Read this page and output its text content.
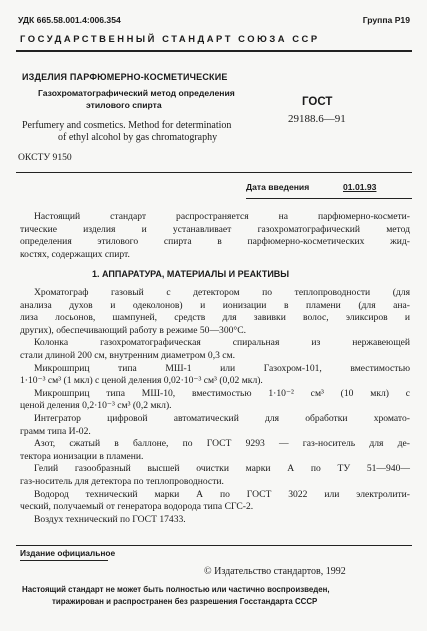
УДК 665.58.001.4:006.354	Группа Р19
ГОСУДАРСТВЕННЫЙ СТАНДАРТ СОЮЗА ССР
ИЗДЕЛИЯ ПАРФЮМЕРНО-КОСМЕТИЧЕСКИЕ
Газохроматографический метод определения
этилового спирта
Perfumery and cosmetics. Method for determination
of ethyl alcohol by gas chromatography
ГОСТ
29188.6—91
ОКСТУ 9150
Дата введения	01.01.93
Настоящий стандарт распространяется на парфюмерно-космети-
тические изделия и устанавливает газохроматографический метод
определения этилового спирта в парфюмерно-косметических жид-
костях, содержащих спирт.
1. АППАРАТУРА, МАТЕРИАЛЫ И РЕАКТИВЫ
Хроматограф газовый с детектором по теплопроводности (для
анализа духов и одеколонов) и ионизации в пламени (для ана-
лиза лосьонов, шампуней, средств для завивки волос, эликсиров и
других), обеспечивающий работу в режиме 50—300°С.
Колонка газохроматографическая спиральная из нержавеющей
стали длиной 200 см, внутренним диаметром 0,3 см.
Микрошприц типа МШ-1 или Газохром-101, вместимостью
1·10⁻³ см³ (1 мкл) с ценой деления 0,02·10⁻³ см³ (0,02 мкл).
Микрошприц типа МШ-10, вместимостью 1·10⁻² см³ (10 мкл) с
ценой деления 0,2·10⁻³ см³ (0,2 мкл).
Интегратор цифровой автоматический для обработки хромато-
грамм типа И-02.
Азот, сжатый в баллоне, по ГОСТ 9293 — газ-носитель для де-
тектора ионизации в пламени.
Гелий газообразный высшей очистки марки А по ТУ 51—940—
газ-носитель для детектора по теплопроводности.
Водород технический марки А по ГОСТ 3022 или электролити-
ческий, получаемый от генератора водорода типа СГС-2.
Воздух технический по ГОСТ 17433.
Издание официальное
© Издательство стандартов, 1992
Настоящий стандарт не может быть полностью или частично воспроизведен,
тиражирован и распространен без разрешения Госстандарта СССР
